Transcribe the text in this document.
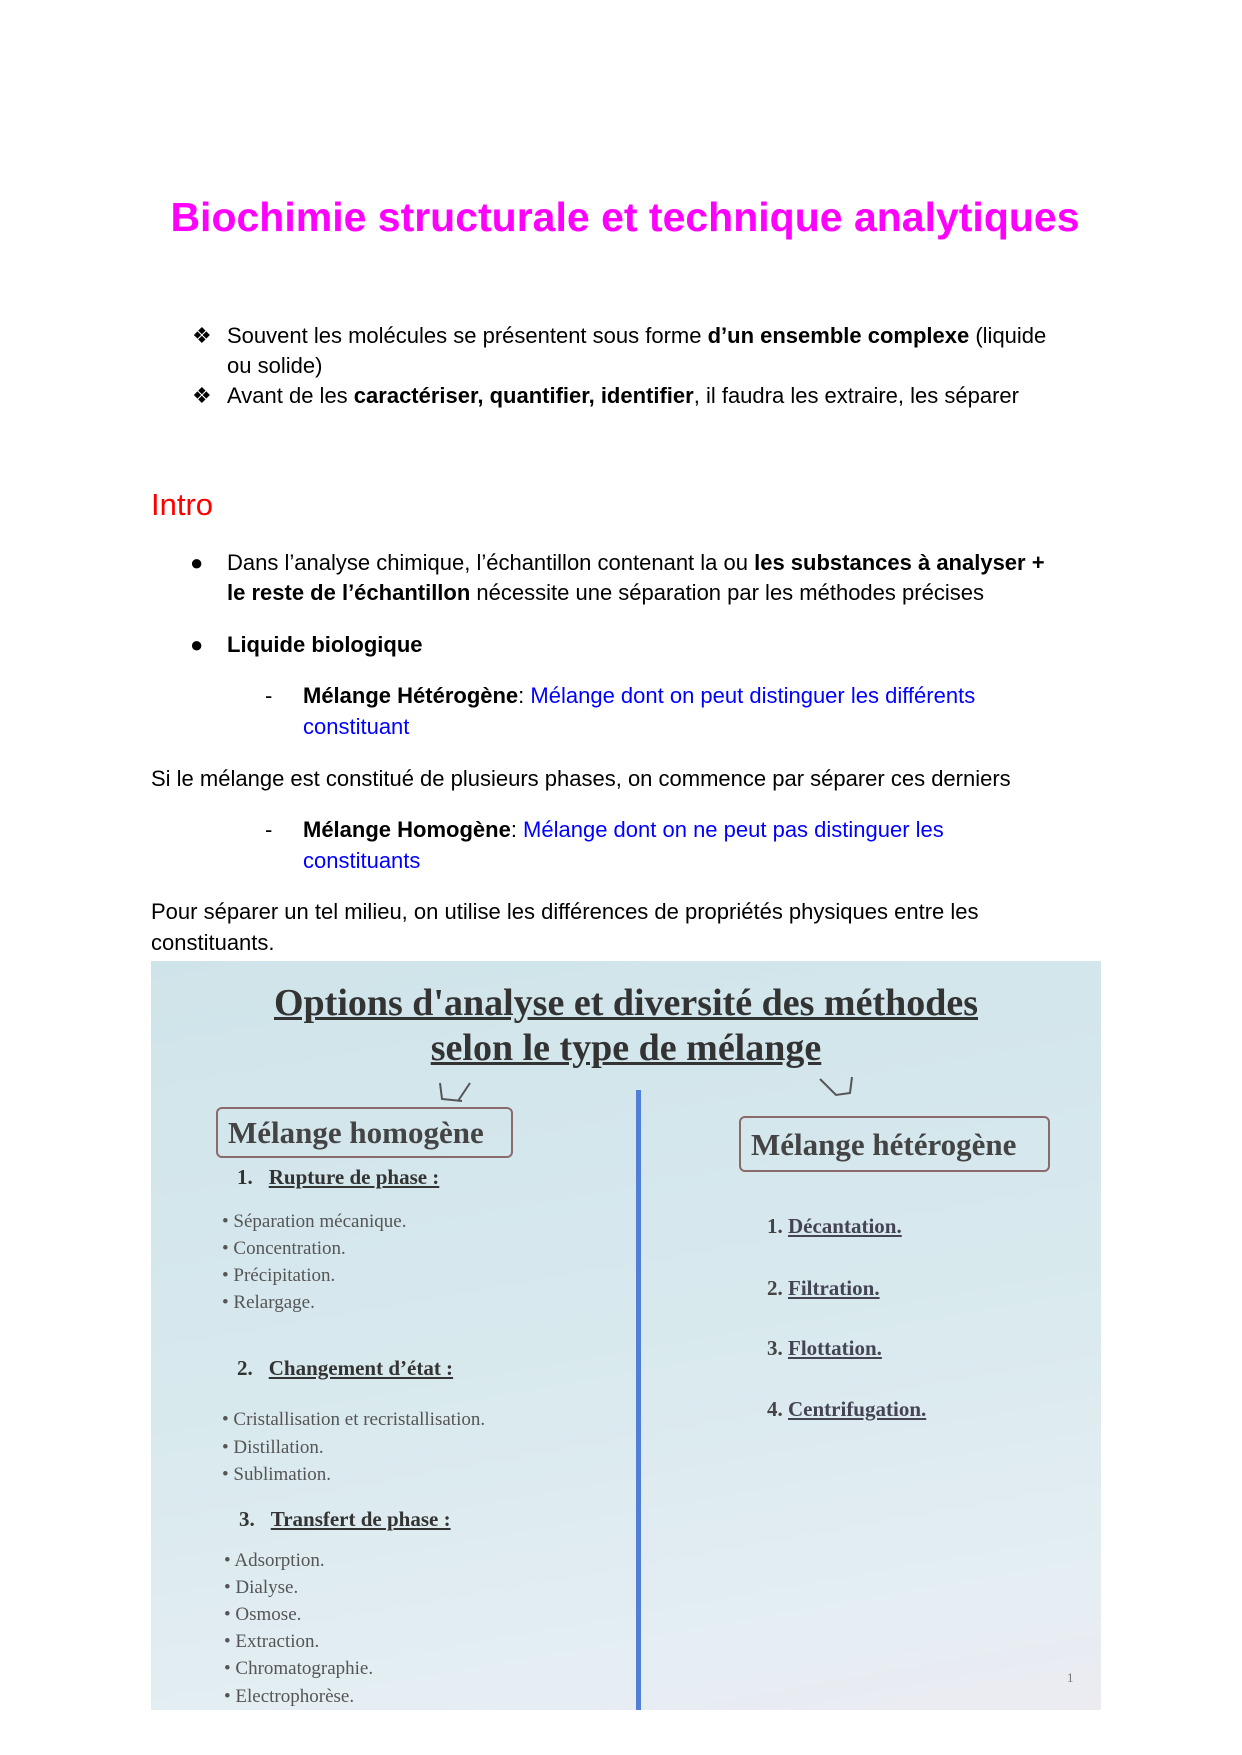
Biochimie structurale et technique analytiques
❖ Souvent les molécules se présentent sous forme d’un ensemble complexe (liquide
ou solide)
❖ Avant de les caractériser, quantifier, identifier, il faudra les extraire, les séparer
Intro
● Dans l’analyse chimique, l’échantillon contenant la ou les substances à analyser +
le reste de l’échantillon nécessite une séparation par les méthodes précises
● Liquide biologique
- Mélange Hétérogène: Mélange dont on peut distinguer les différents
constituant
Si le mélange est constitué de plusieurs phases, on commence par séparer ces derniers
- Mélange Homogène: Mélange dont on ne peut pas distinguer les
constituants
Pour séparer un tel milieu, on utilise les différences de propriétés physiques entre les
constituants.
Options d'analyse et diversité des méthodes
selon le type de mélange
Mélange homogène	Mélange hétérogène
1. Rupture de phase :
• Séparation mécanique.
• Concentration.
• Précipitation.
• Relargage.
2. Changement d’état :
• Cristallisation et recristallisation.
• Distillation.
• Sublimation.
3. Transfert de phase :
• Adsorption.
• Dialyse.
• Osmose.
• Extraction.
• Chromatographie.
• Electrophorèse.
1. Décantation.
2. Filtration.
3. Flottation.
4. Centrifugation.
1
